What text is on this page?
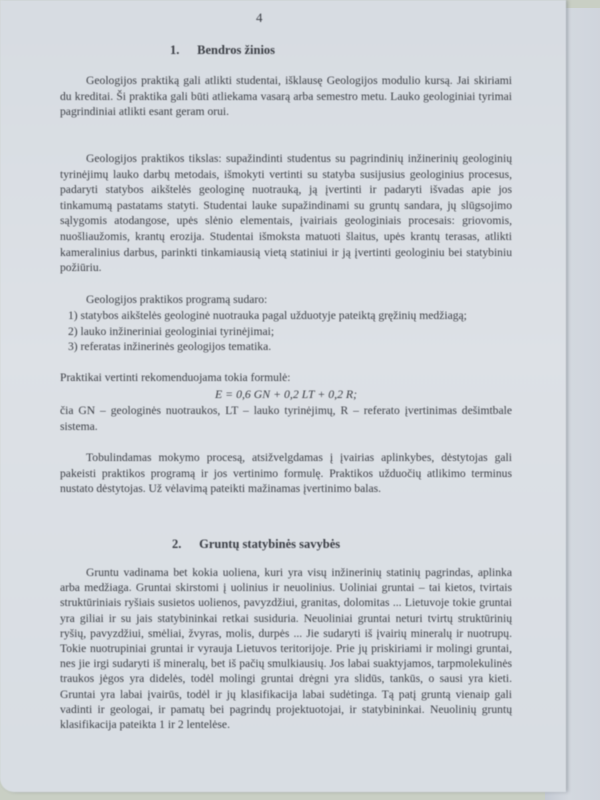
4
1. Bendros žinios

Geologijos praktiką gali atlikti studentai, išklausę Geologijos modulio kursą. Jai skiriami du kreditai. Ši praktika gali būti atliekama vasarą arba semestro metu. Lauko geologiniai tyrimai pagrindiniai atlikti esant geram orui.

Geologijos praktikos tikslas: supažindinti studentus su pagrindinių inžinerinių geologinių tyrinėjimų lauko darbų metodais, išmokyti vertinti su statyba susijusius geologinius procesus, padaryti statybos aikštelės geologinę nuotrauką, ją įvertinti ir padaryti išvadas apie jos tinkamumą pastatams statyti. Studentai lauke supažindinami su gruntų sandara, jų slūgsojimo sąlygomis atodangose, upės slėnio elementais, įvairiais geologiniais procesais: griovomis, nuošliaužomis, krantų erozija. Studentai išmokstа matuoti šlaitus, upės krantų terasas, atlikti kameralinius darbus, parinkti tinkamiausią vietą statiniui ir ją įvertinti geologiniu bei statybiniu požiūriu.

Geologijos praktikos programą sudaro:

1) statybos aikštelės geologinė nuotrauka pagal užduotyje pateiktą gręžinių medžiagą;
2) lauko inžineriniai geologiniai tyrinėjimai;
3) referatas inžinerinės geologijos tematika.

Praktikai vertinti rekomenduojama tokia formulė:

E = 0,6 GN + 0,2 LT + 0,2 R;
čia GN – geologinės nuotraukos, LT – lauko tyrinėjimų, R – referato įvertinimas dešimtbale sistema.

Tobulindamas mokymo procesą, atsižvelgdamas į įvairias aplinkybes, dėstytojas gali pakeisti praktikos programą ir jos vertinimo formulę. Praktikos užduočių atlikimo terminus nustato dėstytojas. Už vėlavimą pateikti mažinamas įvertinimo balas.

2. Gruntų statybinės savybės

Gruntu vadinama bet kokia uoliena, kuri yra visų inžinerinių statinių pagrindas, aplinka arba medžiaga. Gruntai skirstomi į uolinius ir neuolinius. Uoliniai gruntai – tai kietos, tvirtais struktūriniais ryšiais susietos uolienos, pavyzdžiui, granitas, dolomitas ... Lietuvoje tokie gruntai yra giliai ir su jais statybininkai retkai susiduria. Neuoliniai gruntai neturi tvirtų struktūrinių ryšių, pavyzdžiui, smėliai, žvyras, molis, durpės ... Jie sudaryti iš įvairių mineralų ir nuotrupų. Tokie nuotrupiniai gruntai ir vyrauja Lietuvos teritorijoje. Prie jų priskiriami ir molingi gruntai, nes jie irgi sudaryti iš mineralų, bet iš pačių smulkiausių. Jos labai suaktyjamos, tarpmolekulinės traukos jėgos yra didelės, todėl molingi gruntai drėgni yra slidūs, tankūs, o sausi yra kieti. Gruntai yra labai įvairūs, todėl ir jų klasifikacija labai sudėtinga. Tą patį gruntą vienaip gali vadinti ir geologai, ir pamatų bei pagrindų projektuotojai, ir statybininkai. Neuolinių gruntų klasifikacija pateikta 1 ir 2 lentelėse.
